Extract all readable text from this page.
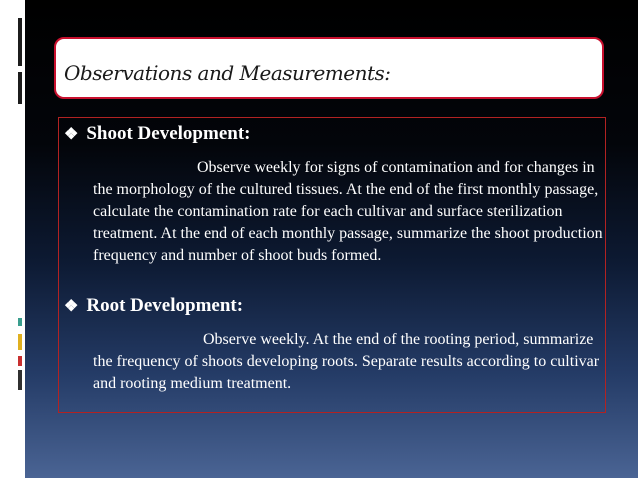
Observations and Measurements:
❖ Shoot Development:
Observe weekly for signs of contamination and for changes in the morphology of the cultured tissues. At the end of the first monthly passage, calculate the contamination rate for each cultivar and surface sterilization treatment. At the end of each monthly passage, summarize the shoot production frequency and number of shoot buds formed.
❖ Root Development:
Observe weekly. At the end of the rooting period, summarize the frequency of shoots developing roots. Separate results according to cultivar and rooting medium treatment.
